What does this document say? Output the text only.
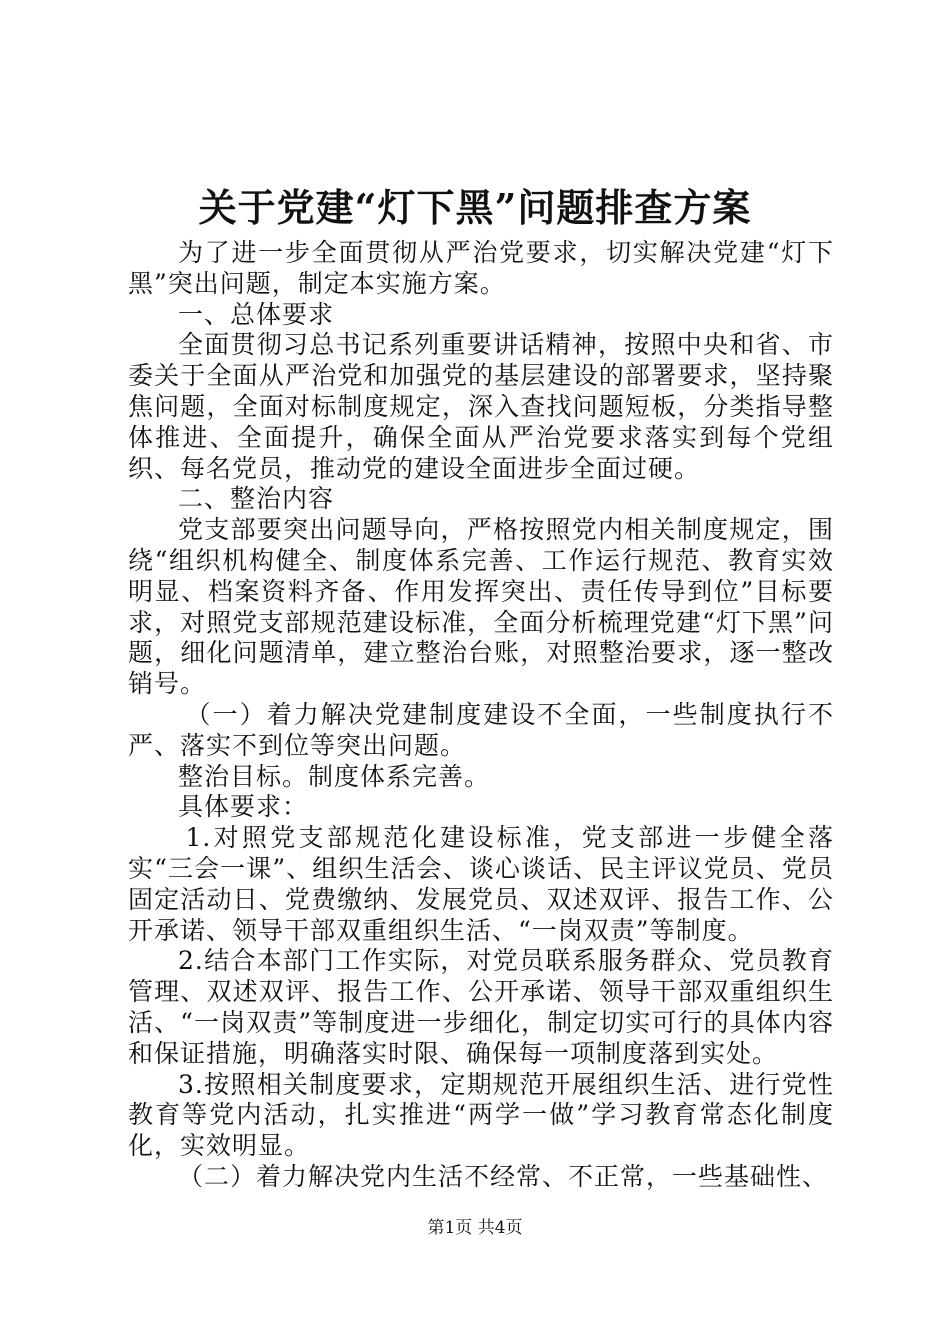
关于党建“灯下黑”问题排查方案

为了进一步全面贯彻从严治党要求，切实解决党建“灯下黑”突出问题，制定本实施方案。

一、总体要求

全面贯彻习总书记系列重要讲话精神，按照中央和省、市委关于全面从严治党和加强党的基层建设的部署要求，坚持聚焦问题，全面对标制度规定，深入查找问题短板，分类指导整体推进、全面提升，确保全面从严治党要求落实到每个党组织、每名党员，推动党的建设全面进步全面过硬。

二、整治内容

党支部要突出问题导向，严格按照党内相关制度规定，围绕“组织机构健全、制度体系完善、工作运行规范、教育实效明显、档案资料齐备、作用发挥突出、责任传导到位”目标要求，对照党支部规范建设标准，全面分析梳理党建“灯下黑”问题，细化问题清单，建立整治台账，对照整治要求，逐一整改销号。

（一）着力解决党建制度建设不全面，一些制度执行不严、落实不到位等突出问题。

整治目标。制度体系完善。

具体要求：

1.对照党支部规范化建设标准，党支部进一步健全落实“三会一课”、组织生活会、谈心谈话、民主评议党员、党员固定活动日、党费缴纳、发展党员、双述双评、报告工作、公开承诺、领导干部双重组织生活、“一岗双责”等制度。

2.结合本部门工作实际，对党员联系服务群众、党员教育管理、双述双评、报告工作、公开承诺、领导干部双重组织生活、“一岗双责”等制度进一步细化，制定切实可行的具体内容和保证措施，明确落实时限、确保每一项制度落到实处。

3.按照相关制度要求，定期规范开展组织生活、进行党性教育等党内活动，扎实推进“两学一做”学习教育常态化制度化，实效明显。

（二）着力解决党内生活不经常、不正常，一些基础性、

第1页 共4页
